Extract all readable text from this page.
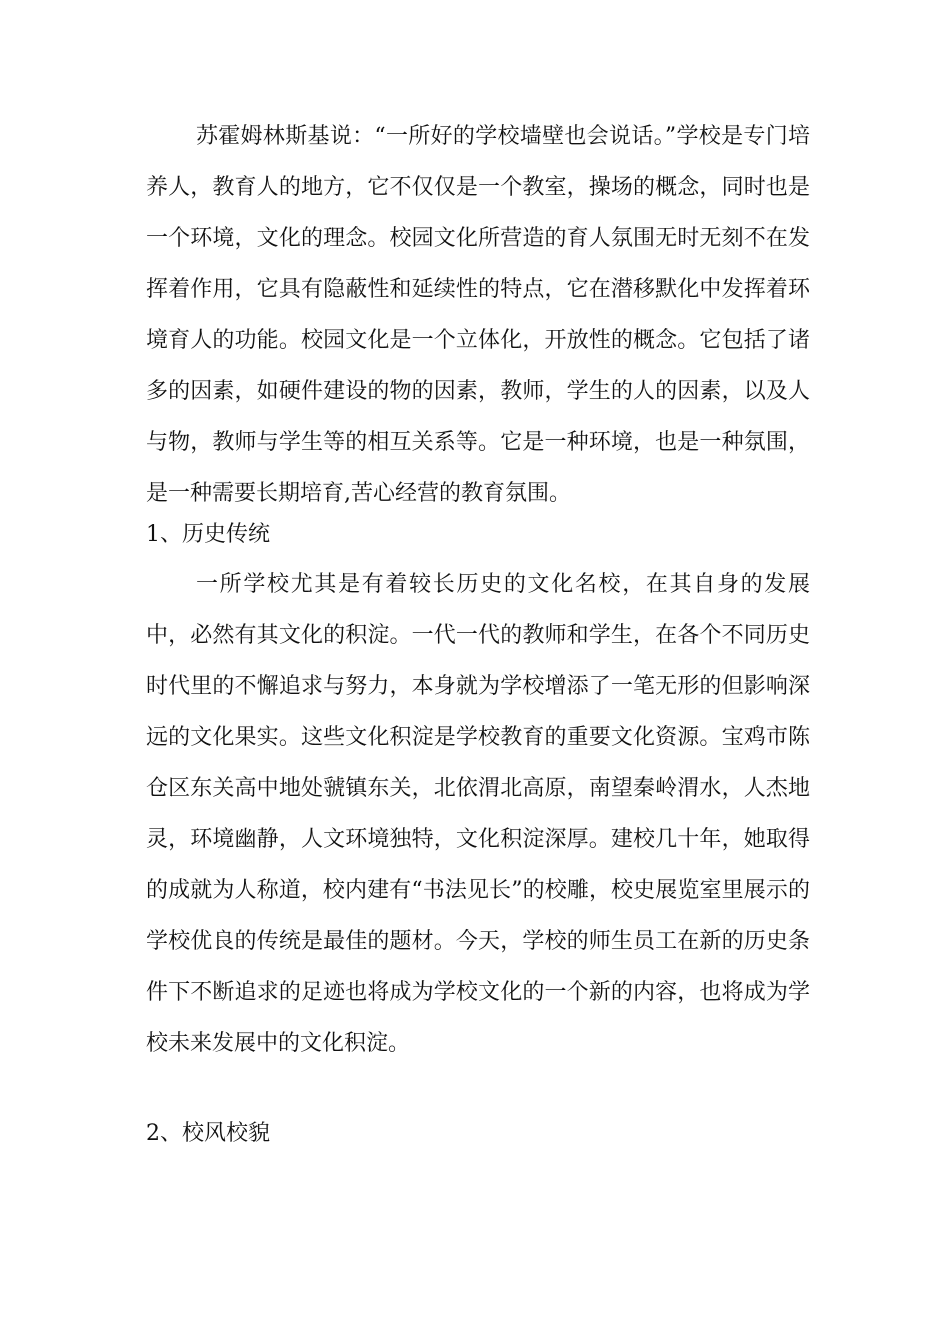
苏霍姆林斯基说：“一所好的学校墙壁也会说话。”学校是专门培养人，教育人的地方，它不仅仅是一个教室，操场的概念，同时也是一个环境，文化的理念。校园文化所营造的育人氛围无时无刻不在发挥着作用，它具有隐蔽性和延续性的特点，它在潜移默化中发挥着环境育人的功能。校园文化是一个立体化，开放性的概念。它包括了诸多的因素，如硬件建设的物的因素，教师，学生的人的因素，以及人与物，教师与学生等的相互关系等。它是一种环境，也是一种氛围，是一种需要长期培育,苦心经营的教育氛围。

1、历史传统

一所学校尤其是有着较长历史的文化名校，在其自身的发展中，必然有其文化的积淀。一代一代的教师和学生，在各个不同历史时代里的不懈追求与努力，本身就为学校增添了一笔无形的但影响深远的文化果实。这些文化积淀是学校教育的重要文化资源。宝鸡市陈仓区东关高中地处虢镇东关，北依渭北高原，南望秦岭渭水，人杰地灵，环境幽静，人文环境独特，文化积淀深厚。建校几十年，她取得的成就为人称道，校内建有“书法见长”的校雕，校史展览室里展示的学校优良的传统是最佳的题材。今天，学校的师生员工在新的历史条件下不断追求的足迹也将成为学校文化的一个新的内容，也将成为学校未来发展中的文化积淀。

2、校风校貌
